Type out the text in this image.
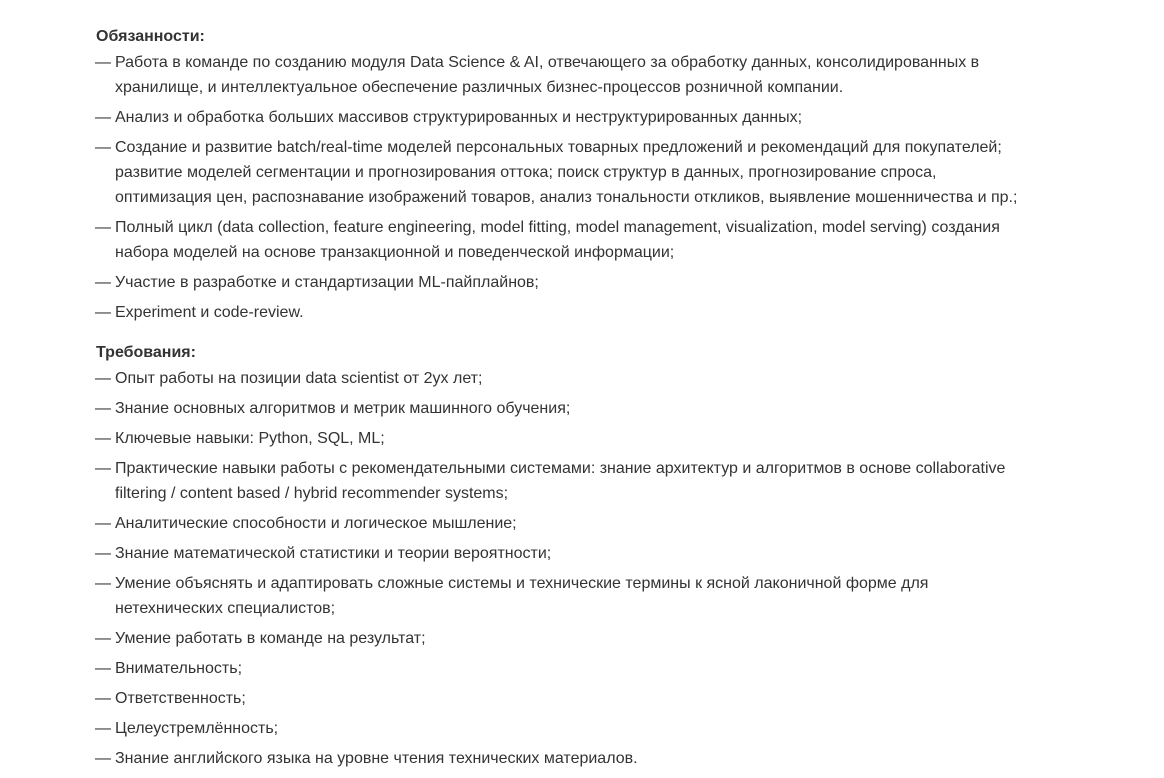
Обязанности:
— Работа в команде по созданию модуля Data Science & AI, отвечающего за обработку данных, консолидированных в хранилище, и интеллектуальное обеспечение различных бизнес-процессов розничной компании.
— Анализ и обработка больших массивов структурированных и неструктурированных данных;
— Создание и развитие batch/real-time моделей персональных товарных предложений и рекомендаций для покупателей; развитие моделей сегментации и прогнозирования оттока; поиск структур в данных, прогнозирование спроса, оптимизация цен, распознавание изображений товаров, анализ тональности откликов, выявление мошенничества и пр.;
— Полный цикл (data collection, feature engineering, model fitting, model management, visualization, model serving) создания набора моделей на основе транзакционной и поведенческой информации;
— Участие в разработке и стандартизации ML-пайплайнов;
— Experiment и code-review.
Требования:
— Опыт работы на позиции data scientist от 2ух лет;
— Знание основных алгоритмов и метрик машинного обучения;
— Ключевые навыки: Python, SQL, ML;
— Практические навыки работы с рекомендательными системами: знание архитектур и алгоритмов в основе collaborative filtering / content based / hybrid recommender systems;
— Аналитические способности и логическое мышление;
— Знание математической статистики и теории вероятности;
— Умение объяснять и адаптировать сложные системы и технические термины к ясной лаконичной форме для нетехнических специалистов;
— Умение работать в команде на результат;
— Внимательность;
— Ответственность;
— Целеустремлённость;
— Знание английского языка на уровне чтения технических материалов.
